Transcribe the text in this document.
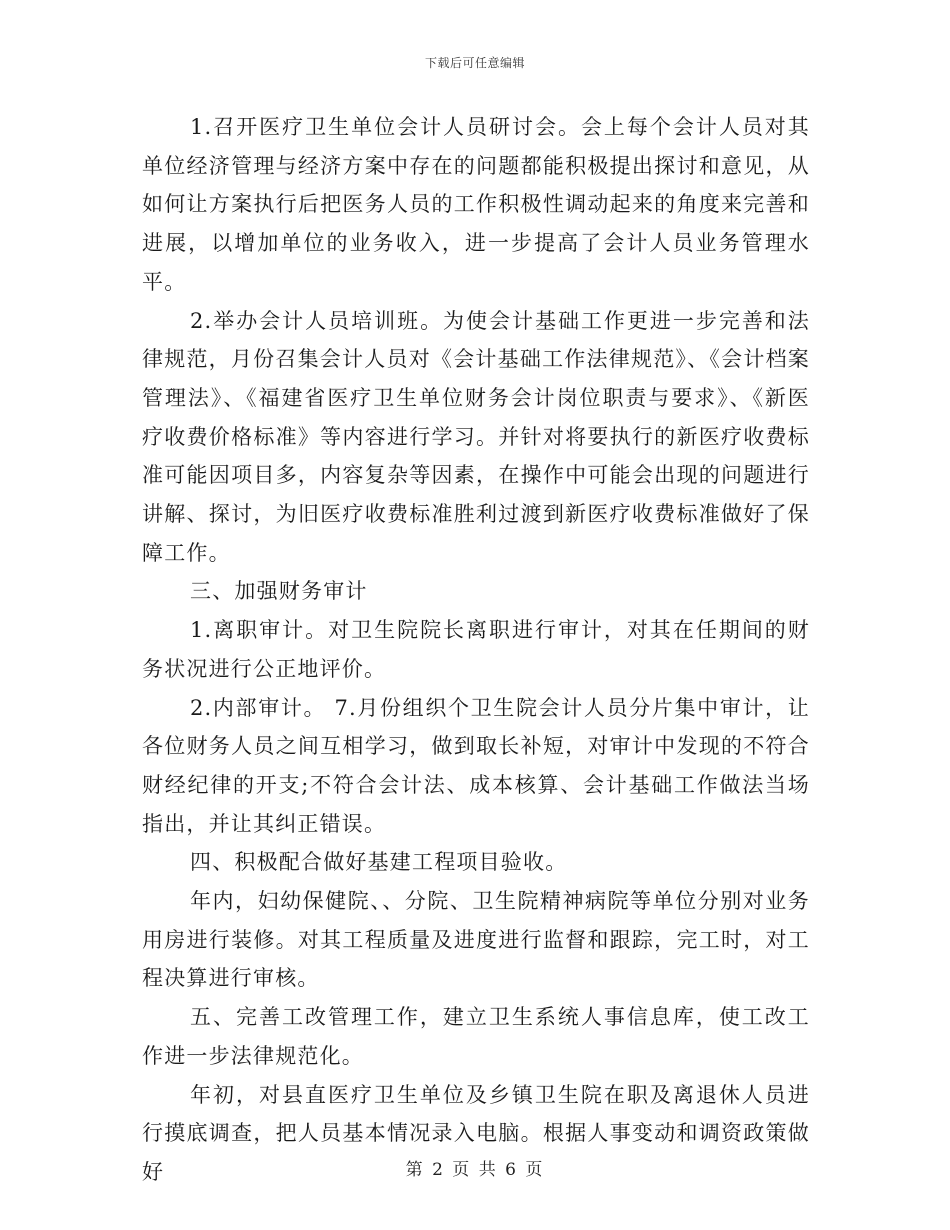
下载后可任意编辑

1.召开医疗卫生单位会计人员研讨会。会上每个会计人员对其单位经济管理与经济方案中存在的问题都能积极提出探讨和意见，从如何让方案执行后把医务人员的工作积极性调动起来的角度来完善和进展，以增加单位的业务收入，进一步提高了会计人员业务管理水平。

2.举办会计人员培训班。为使会计基础工作更进一步完善和法律规范，月份召集会计人员对《会计基础工作法律规范》、《会计档案管理法》、《福建省医疗卫生单位财务会计岗位职责与要求》、《新医疗收费价格标准》等内容进行学习。并针对将要执行的新医疗收费标准可能因项目多，内容复杂等因素，在操作中可能会出现的问题进行讲解、探讨，为旧医疗收费标准胜利过渡到新医疗收费标准做好了保障工作。

三、加强财务审计

1.离职审计。对卫生院院长离职进行审计，对其在任期间的财务状况进行公正地评价。

2.内部审计。 7.月份组织个卫生院会计人员分片集中审计，让各位财务人员之间互相学习，做到取长补短，对审计中发现的不符合财经纪律的开支;不符合会计法、成本核算、会计基础工作做法当场指出，并让其纠正错误。

四、积极配合做好基建工程项目验收。

年内，妇幼保健院、、分院、卫生院精神病院等单位分别对业务用房进行装修。对其工程质量及进度进行监督和跟踪，完工时，对工程决算进行审核。

五、完善工改管理工作，建立卫生系统人事信息库，使工改工作进一步法律规范化。

年初，对县直医疗卫生单位及乡镇卫生院在职及离退休人员进行摸底调查，把人员基本情况录入电脑。根据人事变动和调资政策做好	第 2 页 共 6 页
